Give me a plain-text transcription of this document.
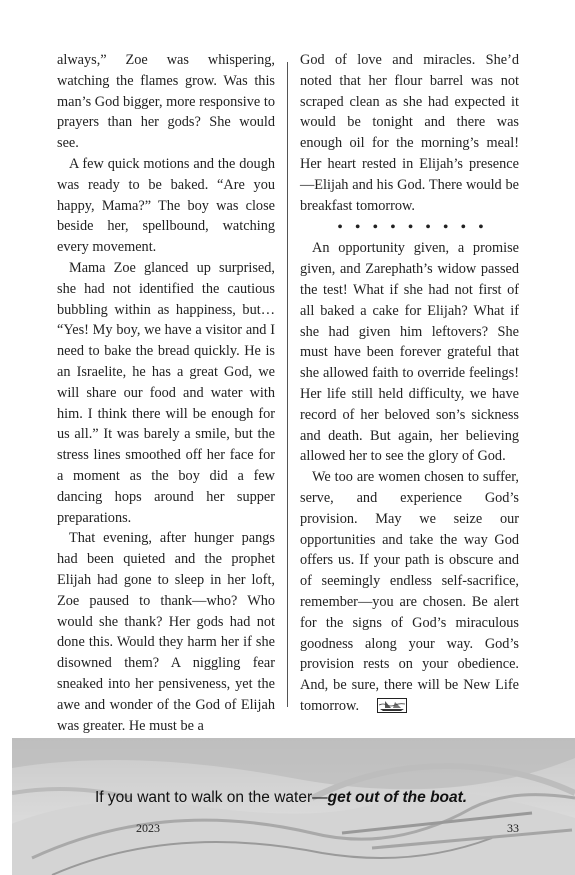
always,” Zoe was whispering, watching the flames grow. Was this man’s God bigger, more responsive to prayers than her gods? She would see.

A few quick motions and the dough was ready to be baked. “Are you happy, Mama?” The boy was close beside her, spellbound, watching every movement.

Mama Zoe glanced up surprised, she had not identified the cautious bubbling within as happiness, but… “Yes! My boy, we have a visitor and I need to bake the bread quickly. He is an Israelite, he has a great God, we will share our food and water with him. I think there will be enough for us all.” It was barely a smile, but the stress lines smoothed off her face for a moment as the boy did a few dancing hops around her supper preparations.

That evening, after hunger pangs had been quieted and the prophet Elijah had gone to sleep in her loft, Zoe paused to thank—who? Who would she thank? Her gods had not done this. Would they harm her if she disowned them? A niggling fear sneaked into her pensiveness, yet the awe and wonder of the God of Elijah was greater. He must be a

God of love and miracles. She’d noted that her flour barrel was not scraped clean as she had expected it would be tonight and there was enough oil for the morning’s meal! Her heart rested in Elijah’s presence—Elijah and his God. There would be breakfast tomorrow.

• • • • • • • • •

An opportunity given, a promise given, and Zarephath’s widow passed the test! What if she had not first of all baked a cake for Elijah? What if she had given him leftovers? She must have been forever grateful that she allowed faith to override feelings! Her life still held difficulty, we have record of her beloved son’s sickness and death. But again, her believing allowed her to see the glory of God.

We too are women chosen to suffer, serve, and experience God’s provision. May we seize our opportunities and take the way God offers us. If your path is obscure and of seemingly endless self-sacrifice, remember—you are chosen. Be alert for the signs of God’s miraculous goodness along your way. God’s provision rests on your obedience. And, be sure, there will be New Life tomorrow.

If you want to walk on the water—get out of the boat.
2023	33
